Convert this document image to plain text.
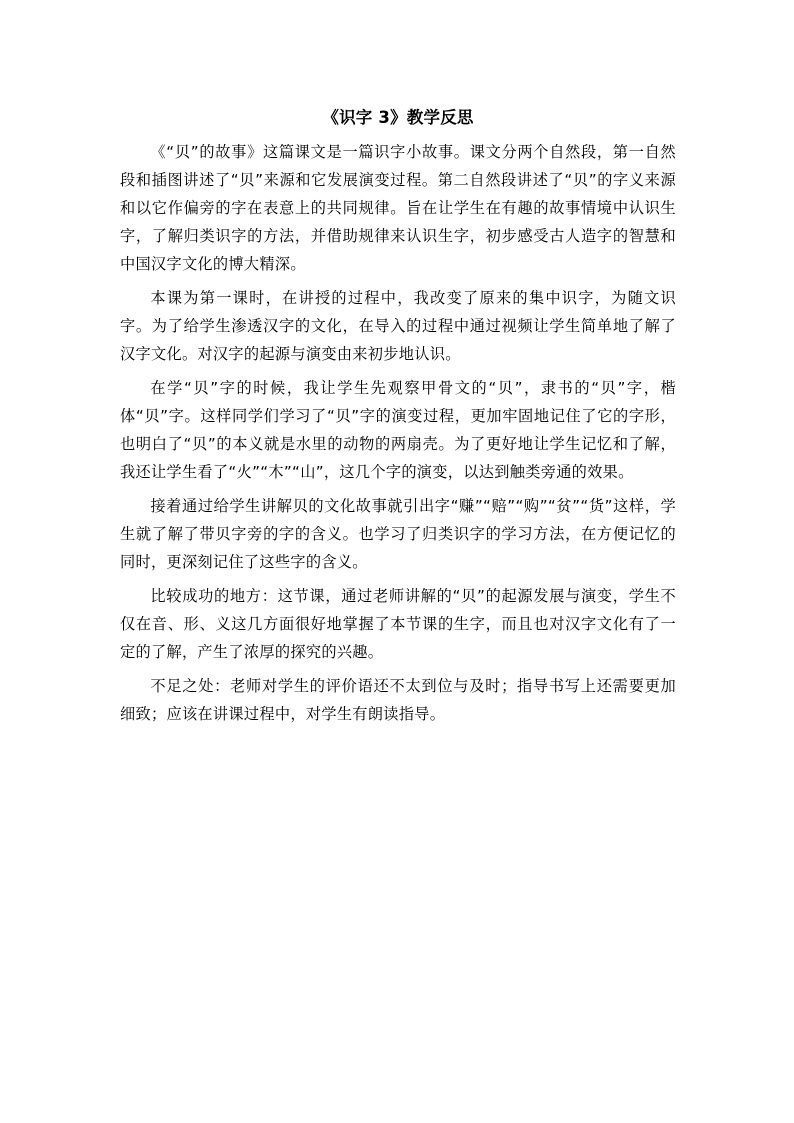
《识字 3》教学反思

《“贝”的故事》这篇课文是一篇识字小故事。课文分两个自然段，第一自然段和插图讲述了“贝”来源和它发展演变过程。第二自然段讲述了“贝”的字义来源和以它作偏旁的字在表意上的共同规律。旨在让学生在有趣的故事情境中认识生字，了解归类识字的方法，并借助规律来认识生字，初步感受古人造字的智慧和中国汉字文化的博大精深。

本课为第一课时，在讲授的过程中，我改变了原来的集中识字，为随文识字。为了给学生渗透汉字的文化，在导入的过程中通过视频让学生简单地了解了汉字文化。对汉字的起源与演变由来初步地认识。

在学“贝”字的时候，我让学生先观察甲骨文的“贝”，隶书的“贝”字，楷体“贝”字。这样同学们学习了“贝”字的演变过程，更加牢固地记住了它的字形，也明白了“贝”的本义就是水里的动物的两扇壳。为了更好地让学生记忆和了解，我还让学生看了“火”“木”“山”，这几个字的演变，以达到触类旁通的效果。

接着通过给学生讲解贝的文化故事就引出字“赚”“赔”“购”“贫”“货”这样，学生就了解了带贝字旁的字的含义。也学习了归类识字的学习方法，在方便记忆的同时，更深刻记住了这些字的含义。

比较成功的地方：这节课，通过老师讲解的“贝”的起源发展与演变，学生不仅在音、形、义这几方面很好地掌握了本节课的生字，而且也对汉字文化有了一定的了解，产生了浓厚的探究的兴趣。

不足之处：老师对学生的评价语还不太到位与及时；指导书写上还需要更加细致；应该在讲课过程中，对学生有朗读指导。
